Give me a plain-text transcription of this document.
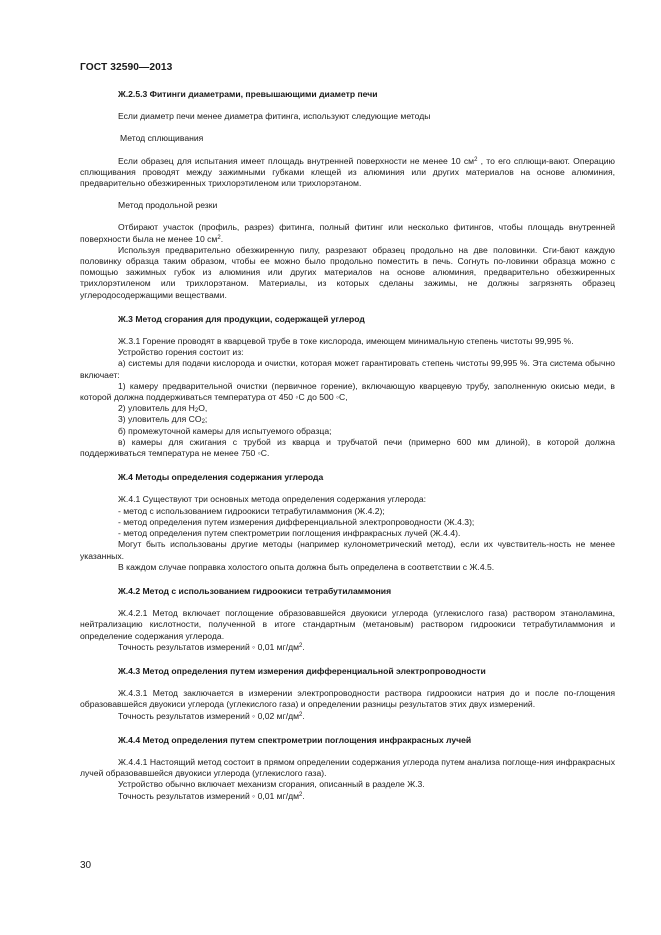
ГОСТ 32590—2013

Ж.2.5.3 Фитинги диаметрами, превышающими диаметр печи

Если диаметр печи менее диаметра фитинга, используют следующие методы

Метод сплющивания

Если образец для испытания имеет площадь внутренней поверхности не менее 10 $см^2$ , то его сплющи-вают. Операцию сплющивания проводят между зажимными губками клещей из алюминия или других материалов на основе алюминия, предварительно обезжиренных трихлорэтиленом или трихлорэтаном.

Метод продольной резки

Отбирают участок (профиль, разрез) фитинга, полный фитинг или несколько фитингов, чтобы площадь внутренней поверхности была не менее 10 $см^2$.

Используя предварительно обезжиренную пилу, разрезают образец продольно на две половинки. Сги-бают каждую половинку образца таким образом, чтобы ее можно было продольно поместить в печь. Согнуть по-ловинки образца можно с помощью зажимных губок из алюминия или других материалов на основе алюминия, предварительно обезжиренных трихлорэтиленом или трихлорэтаном. Материалы, из которых сделаны зажимы, не должны загрязнять образец углеродосодержащими веществами.

Ж.3 Метод сгорания для продукции, содержащей углерод

Ж.3.1 Горение проводят в кварцевой трубе в токе кислорода, имеющем минимальную степень чистоты 99,995 %.

Устройство горения состоит из:

а) системы для подачи кислорода и очистки, которая может гарантировать степень чистоты 99,995 %. Эта система обычно включает:

1) камеру предварительной очистки (первичное горение), включающую кварцевую трубу, заполненную окисью меди, в которой должна поддерживаться температура от 450 ◦C до 500 ◦C,

2) уловитель для $H_2O$,

3) уловитель для $CO_2$;

б) промежуточной камеры для испытуемого образца;

в) камеры для сжигания с трубой из кварца и трубчатой печи (примерно 600 мм длиной), в которой должна поддерживаться температура не менее 750 ◦C.

Ж.4 Методы определения содержания углерода

Ж.4.1 Существуют три основных метода определения содержания углерода:

- метод с использованием гидроокиси тетрабутиламмония (Ж.4.2);

- метод определения путем измерения дифференциальной электропроводности (Ж.4.3);

- метод определения путем спектрометрии поглощения инфракрасных лучей (Ж.4.4).

Могут быть использованы другие методы (например кулонометрический метод), если их чувствитель-ность не менее указанных.

В каждом случае поправка холостого опыта должна быть определена в соответствии с Ж.4.5.

Ж.4.2 Метод с использованием гидроокиси тетрабутиламмония

Ж.4.2.1 Метод включает поглощение образовавшейся двуокиси углерода (углекислого газа) раствором этаноламина, нейтрализацию кислотности, полученной в итоге стандартным (метановым) раствором гидроокиси тетрабутиламмония и определение содержания углерода.

Точность результатов измерений ◦ 0,01 $мг/дм^2$.

Ж.4.3 Метод определения путем измерения дифференциальной электропроводности

Ж.4.3.1 Метод заключается в измерении электропроводности раствора гидроокиси натрия до и после по-глощения образовавшейся двуокиси углерода (углекислого газа) и определении разницы результатов этих двух измерений.

Точность результатов измерений ◦ 0,02 $мг/дм^2$.

Ж.4.4 Метод определения путем спектрометрии поглощения инфракрасных лучей

Ж.4.4.1 Настоящий метод состоит в прямом определении содержания углерода путем анализа поглоще-ния инфракрасных лучей образовавшейся двуокиси углерода (углекислого газа).

Устройство обычно включает механизм сгорания, описанный в разделе Ж.3.

Точность результатов измерений ◦ 0,01 $мг/дм^2$.

30
